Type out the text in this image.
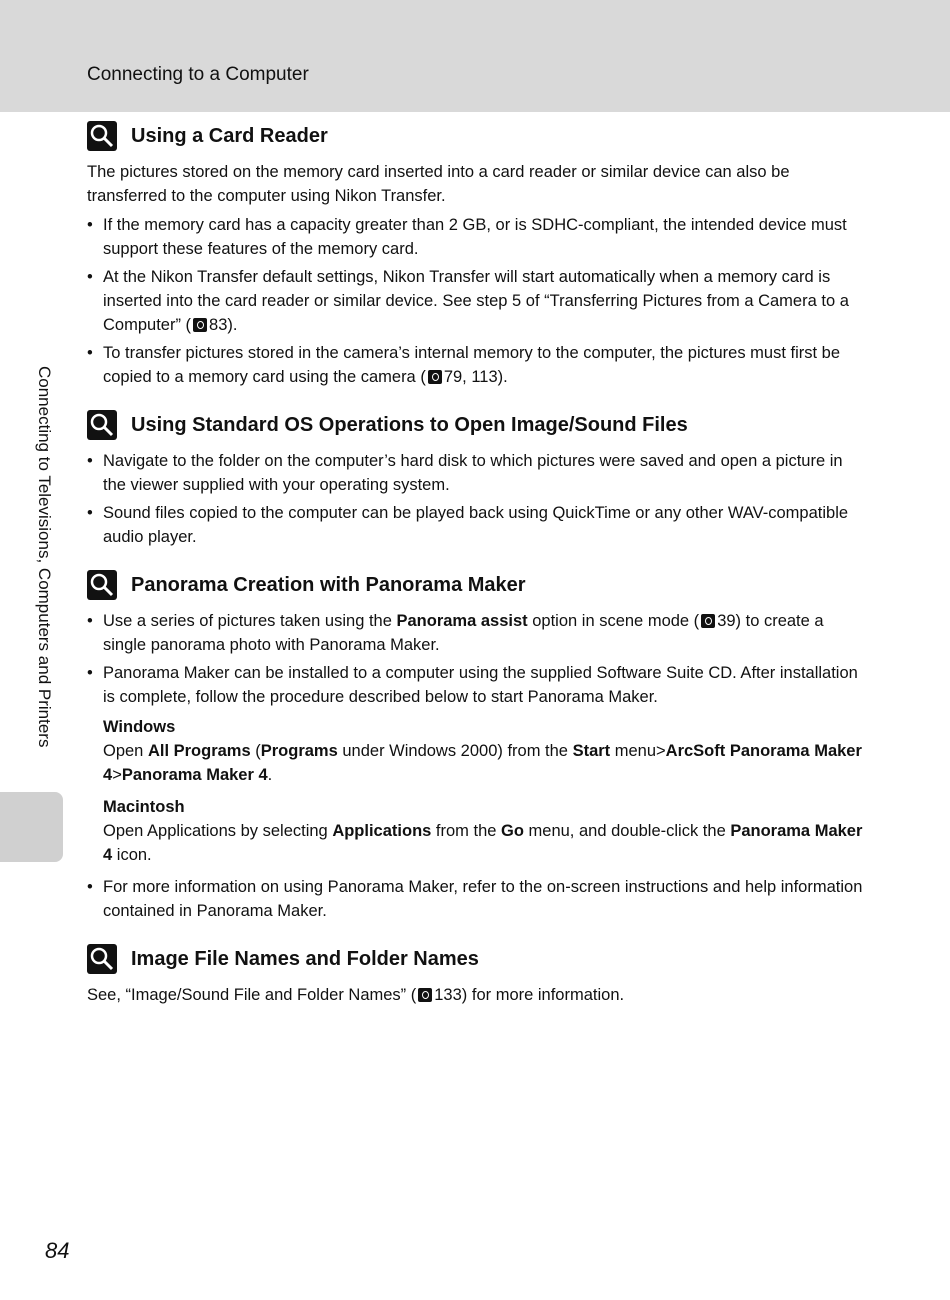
Connecting to a Computer
Connecting to Televisions, Computers and Printers
84
Using a Card Reader

The pictures stored on the memory card inserted into a card reader or similar device can also be transferred to the computer using Nikon Transfer.

• If the memory card has a capacity greater than 2 GB, or is SDHC-compliant, the intended device must support these features of the memory card.
• At the Nikon Transfer default settings, Nikon Transfer will start automatically when a memory card is inserted into the card reader or similar device. See step 5 of “Transferring Pictures from a Camera to a Computer” ( 83).
• To transfer pictures stored in the camera’s internal memory to the computer, the pictures must first be copied to a memory card using the camera ( 79, 113).
Using Standard OS Operations to Open Image/Sound Files
• Navigate to the folder on the computer’s hard disk to which pictures were saved and open a picture in the viewer supplied with your operating system.
• Sound files copied to the computer can be played back using QuickTime or any other WAV-compatible audio player.
Panorama Creation with Panorama Maker
• Use a series of pictures taken using the Panorama assist option in scene mode ( 39) to create a single panorama photo with Panorama Maker.
• Panorama Maker can be installed to a computer using the supplied Software Suite CD. After installation is complete, follow the procedure described below to start Panorama Maker.
Windows
Open All Programs (Programs under Windows 2000) from the Start menu>ArcSoft Panorama Maker 4>Panorama Maker 4.
Macintosh
Open Applications by selecting Applications from the Go menu, and double-click the Panorama Maker 4 icon.
• For more information on using Panorama Maker, refer to the on-screen instructions and help information contained in Panorama Maker.
Image File Names and Folder Names

See, “Image/Sound File and Folder Names” ( 133) for more information.
